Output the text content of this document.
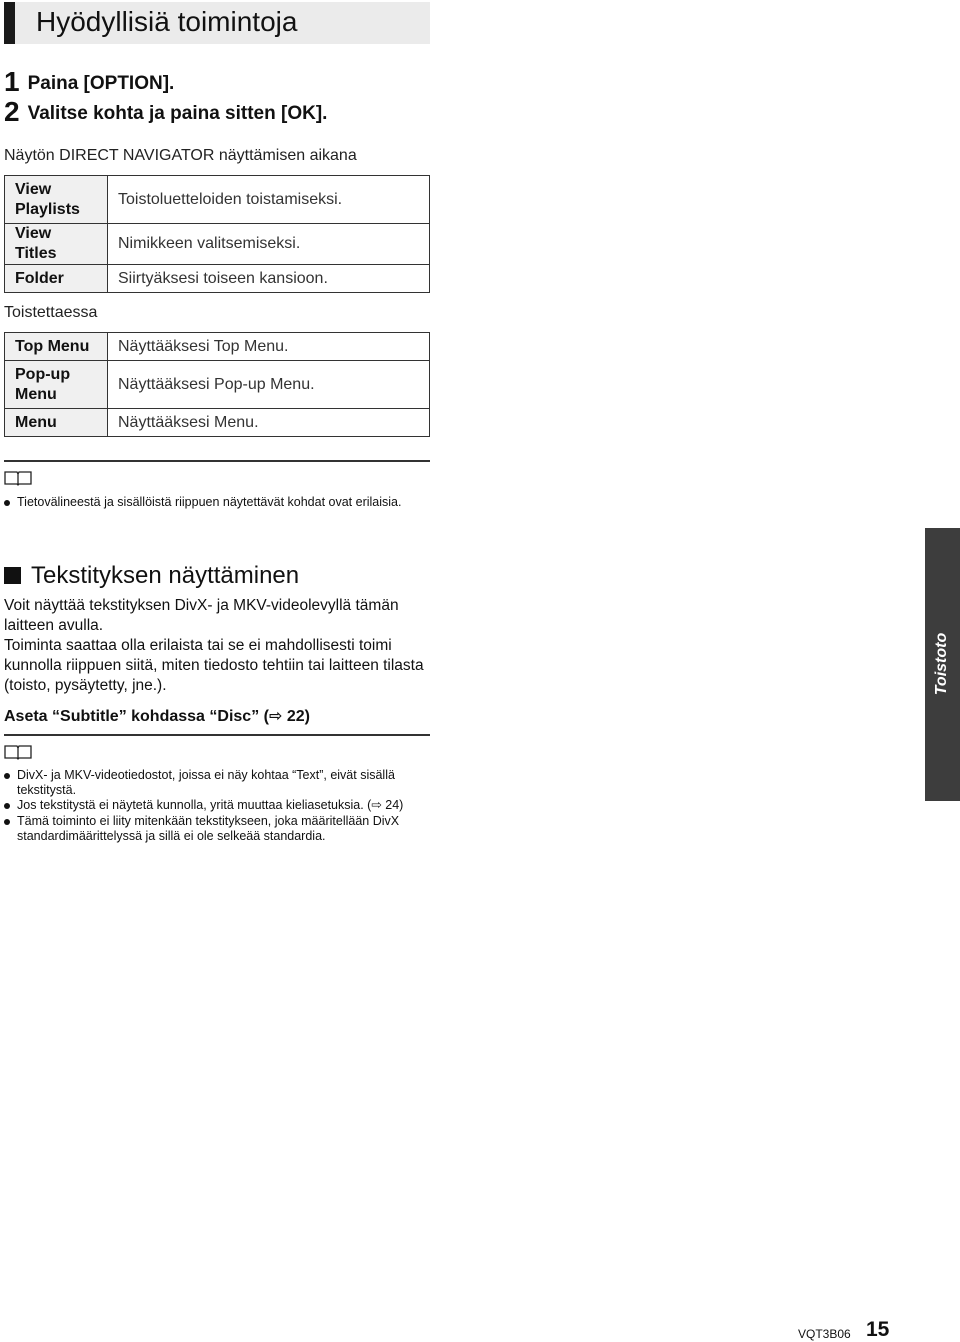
Hyödyllisiä toimintoja
1 Paina [OPTION].
2 Valitse kohta ja paina sitten [OK].
Näytön DIRECT NAVIGATOR näyttämisen aikana
View Playlists	Toistoluetteloiden toistamiseksi.
View Titles	Nimikkeen valitsemiseksi.
Folder	Siirtyäksesi toiseen kansioon.
Toistettaessa
Top Menu	Näyttääksesi Top Menu.
Pop-up Menu	Näyttääksesi Pop-up Menu.
Menu	Näyttääksesi Menu.
Tietovälineestä ja sisällöistä riippuen näytettävät kohdat ovat erilaisia.
Tekstityksen näyttäminen
Voit näyttää tekstityksen DivX- ja MKV-videolevyllä tämän laitteen avulla.
Toiminta saattaa olla erilaista tai se ei mahdollisesti toimi kunnolla riippuen siitä, miten tiedosto tehtiin tai laitteen tilasta (toisto, pysäytetty, jne.).
Aseta “Subtitle” kohdassa “Disc” (⇨ 22)
DivX- ja MKV-videotiedostot, joissa ei näy kohtaa “Text”, eivät sisällä tekstitystä.
Jos tekstitystä ei näytetä kunnolla, yritä muuttaa kieliasetuksia. (⇨ 24)
Tämä toiminto ei liity mitenkään tekstitykseen, joka määritellään DivX standardimäärittelyssä ja sillä ei ole selkeää standardia.
Toistoto
VQT3B06 15
